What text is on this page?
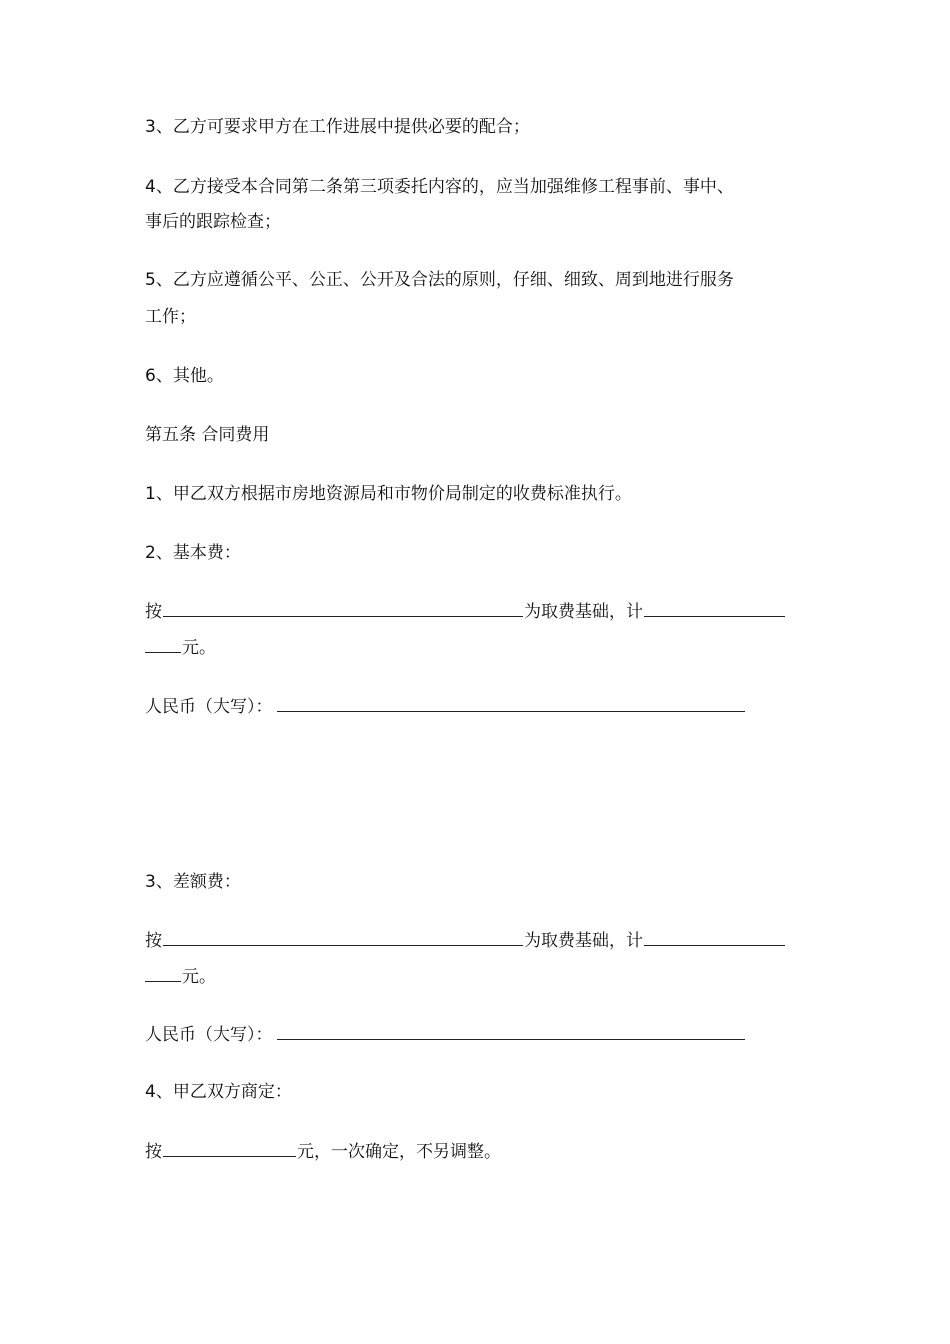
3、乙方可要求甲方在工作进展中提供必要的配合；
4、乙方接受本合同第二条第三项委托内容的，应当加强维修工程事前、事中、
事后的跟踪检查；
5、乙方应遵循公平、公正、公开及合法的原则，仔细、细致、周到地进行服务
工作；
6、其他。
第五条 合同费用
1、甲乙双方根据市房地资源局和市物价局制定的收费标准执行。
2、基本费：
按	为取费基础，计
元。
人民币（大写）：
3、差额费：
按	为取费基础，计
元。
人民币（大写）：
4、甲乙双方商定：
按	元，一次确定，不另调整。
